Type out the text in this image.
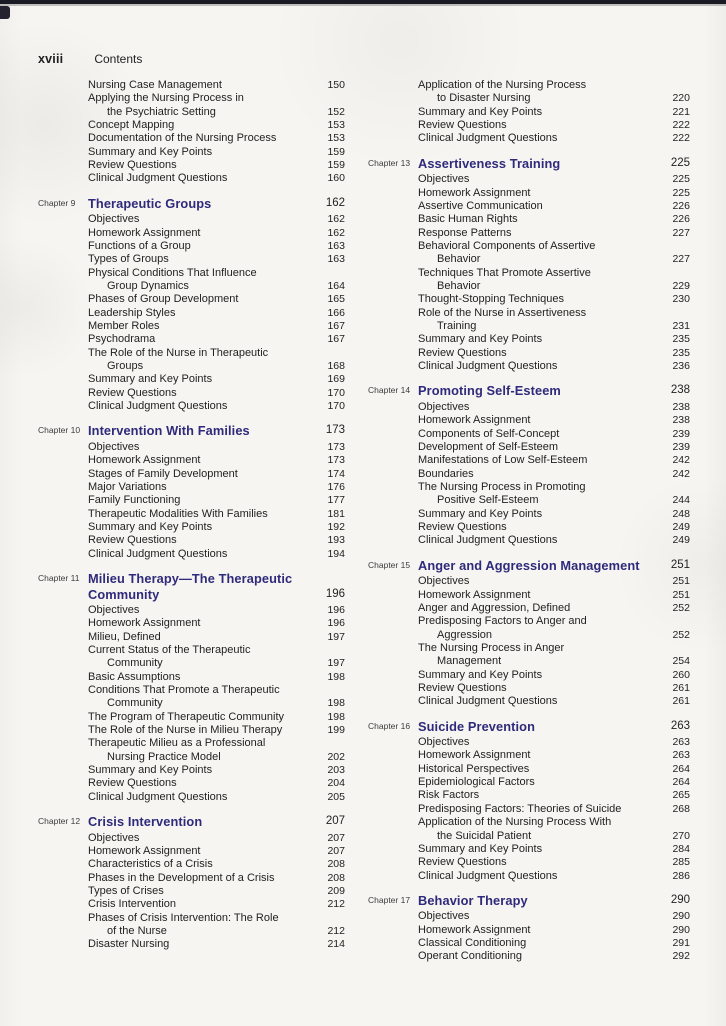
xviii	Contents
Nursing Case Management	150
Applying the Nursing Process in
the Psychiatric Setting	152
Concept Mapping	153
Documentation of the Nursing Process	153
Summary and Key Points	159
Review Questions	159
Clinical Judgment Questions	160
Chapter 9 Therapeutic Groups	162
Objectives	162
Homework Assignment	162
Functions of a Group	163
Types of Groups	163
Physical Conditions That Influence
Group Dynamics	164
Phases of Group Development	165
Leadership Styles	166
Member Roles	167
Psychodrama	167
The Role of the Nurse in Therapeutic
Groups	168
Summary and Key Points	169
Review Questions	170
Clinical Judgment Questions	170
Chapter 10 Intervention With Families	173
Objectives	173
Homework Assignment	173
Stages of Family Development	174
Major Variations	176
Family Functioning	177
Therapeutic Modalities With Families	181
Summary and Key Points	192
Review Questions	193
Clinical Judgment Questions	194
Chapter 11 Milieu Therapy—The Therapeutic
Community	196
Objectives	196
Homework Assignment	196
Milieu, Defined	197
Current Status of the Therapeutic
Community	197
Basic Assumptions	198
Conditions That Promote a Therapeutic
Community	198
The Program of Therapeutic Community	198
The Role of the Nurse in Milieu Therapy	199
Therapeutic Milieu as a Professional
Nursing Practice Model	202
Summary and Key Points	203
Review Questions	204
Clinical Judgment Questions	205
Chapter 12 Crisis Intervention	207
Objectives	207
Homework Assignment	207
Characteristics of a Crisis	208
Phases in the Development of a Crisis	208
Types of Crises	209
Crisis Intervention	212
Phases of Crisis Intervention: The Role
of the Nurse	212
Disaster Nursing	214
Application of the Nursing Process
to Disaster Nursing	220
Summary and Key Points	221
Review Questions	222
Clinical Judgment Questions	222
Chapter 13 Assertiveness Training	225
Objectives	225
Homework Assignment	225
Assertive Communication	226
Basic Human Rights	226
Response Patterns	227
Behavioral Components of Assertive
Behavior	227
Techniques That Promote Assertive
Behavior	229
Thought-Stopping Techniques	230
Role of the Nurse in Assertiveness
Training	231
Summary and Key Points	235
Review Questions	235
Clinical Judgment Questions	236
Chapter 14 Promoting Self-Esteem	238
Objectives	238
Homework Assignment	238
Components of Self-Concept	239
Development of Self-Esteem	239
Manifestations of Low Self-Esteem	242
Boundaries	242
The Nursing Process in Promoting
Positive Self-Esteem	244
Summary and Key Points	248
Review Questions	249
Clinical Judgment Questions	249
Chapter 15 Anger and Aggression Management	251
Objectives	251
Homework Assignment	251
Anger and Aggression, Defined	252
Predisposing Factors to Anger and
Aggression	252
The Nursing Process in Anger
Management	254
Summary and Key Points	260
Review Questions	261
Clinical Judgment Questions	261
Chapter 16 Suicide Prevention	263
Objectives	263
Homework Assignment	263
Historical Perspectives	264
Epidemiological Factors	264
Risk Factors	265
Predisposing Factors: Theories of Suicide	268
Application of the Nursing Process With
the Suicidal Patient	270
Summary and Key Points	284
Review Questions	285
Clinical Judgment Questions	286
Chapter 17 Behavior Therapy	290
Objectives	290
Homework Assignment	290
Classical Conditioning	291
Operant Conditioning	292
